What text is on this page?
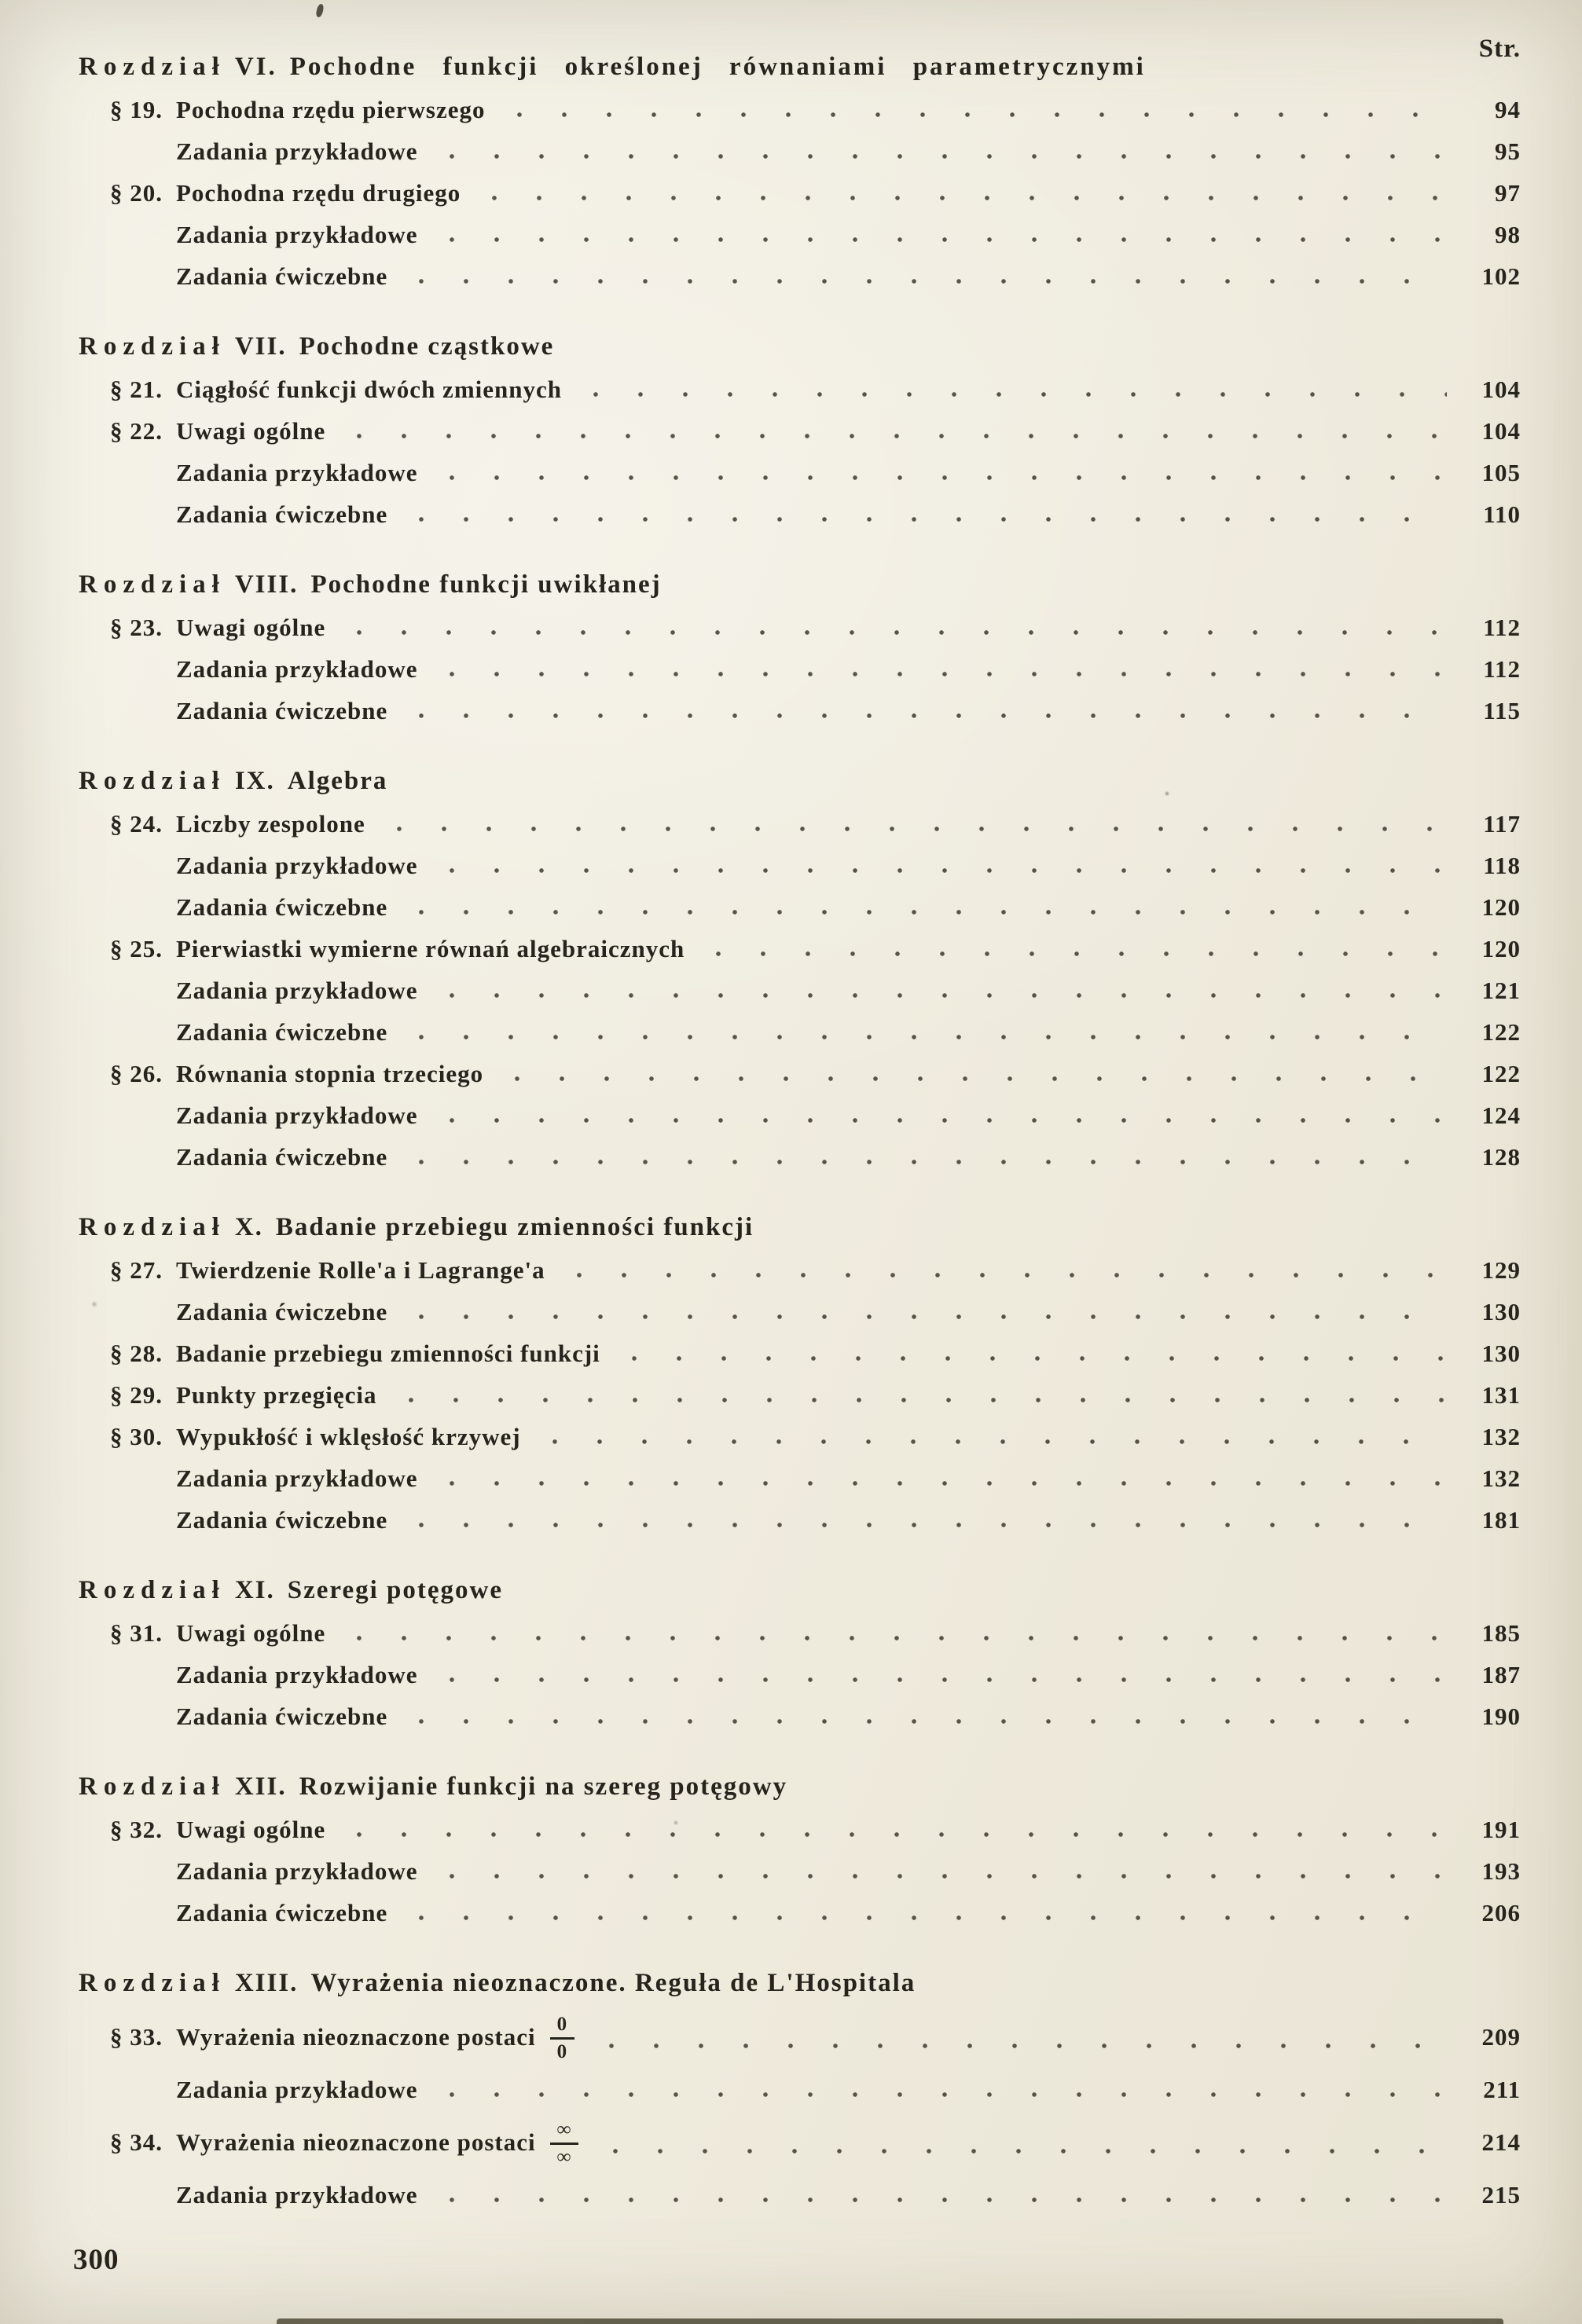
Str.
Rozdział VI. Pochodne funkcji określonej równaniami parametrycznymi
§ 19. Pochodna rzędu pierwszego	94
Zadania przykładowe	95
§ 20. Pochodna rzędu drugiego	97
Zadania przykładowe	98
Zadania ćwiczebne	102
Rozdział VII. Pochodne cząstkowe
§ 21. Ciągłość funkcji dwóch zmiennych	104
§ 22. Uwagi ogólne	104
Zadania przykładowe	105
Zadania ćwiczebne	110
Rozdział VIII. Pochodne funkcji uwikłanej
§ 23. Uwagi ogólne	112
Zadania przykładowe	112
Zadania ćwiczebne	115
Rozdział IX. Algebra
§ 24. Liczby zespolone	117
Zadania przykładowe	118
Zadania ćwiczebne	120
§ 25. Pierwiastki wymierne równań algebraicznych	120
Zadania przykładowe	121
Zadania ćwiczebne	122
§ 26. Równania stopnia trzeciego	122
Zadania przykładowe	124
Zadania ćwiczebne	128
Rozdział X. Badanie przebiegu zmienności funkcji
§ 27. Twierdzenie Rolle'a i Lagrange'a	129
Zadania ćwiczebne	130
§ 28. Badanie przebiegu zmienności funkcji	130
§ 29. Punkty przegięcia	131
§ 30. Wypukłość i wklęsłość krzywej	132
Zadania przykładowe	132
Zadania ćwiczebne	181
Rozdział XI. Szeregi potęgowe
§ 31. Uwagi ogólne	185
Zadania przykładowe	187
Zadania ćwiczebne	190
Rozdział XII. Rozwijanie funkcji na szereg potęgowy
§ 32. Uwagi ogólne	191
Zadania przykładowe	193
Zadania ćwiczebne	206
Rozdział XIII. Wyrażenia nieoznaczone. Reguła de L'Hospitala
§ 33. Wyrażenia nieoznaczone postaci $\frac{0}{0}$	209
Zadania przykładowe	211
§ 34. Wyrażenia nieoznaczone postaci $\frac{\infty}{\infty}$	214
Zadania przykładowe	215
300
